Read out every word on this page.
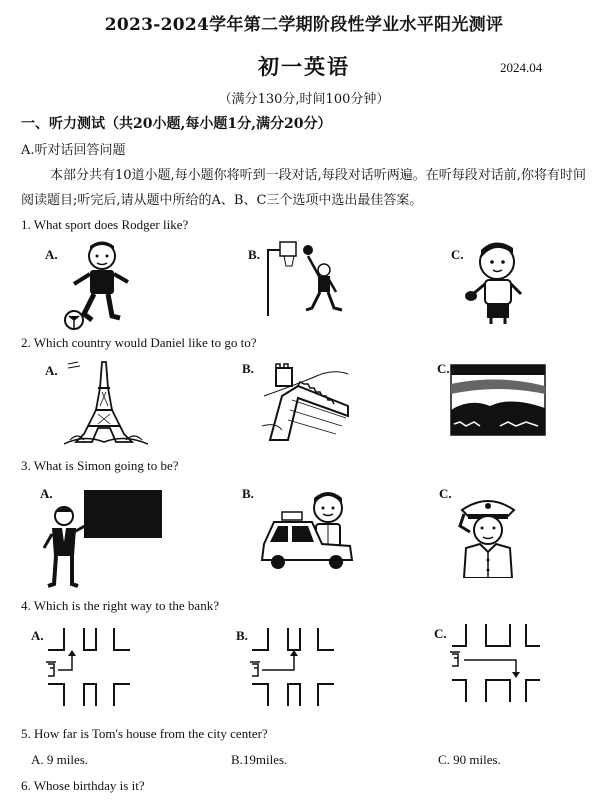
2023-2024学年第二学期阶段性学业水平阳光测评
初一英语	2024.04
（满分130分,时间100分钟）
一、听力测试（共20小题,每小题1分,满分20分）
A.听对话回答问题
本部分共有10道小题,每小题你将听到一段对话,每段对话听两遍。在听每段对话前,你将有时间阅读题目;听完后,请从题中所给的A、B、C三个选项中选出最佳答案。
1. What sport does Rodger like?
A.	B.	C.
2. Which country would Daniel like to go to?
A.	B.	C.
3. What is Simon going to be?
A.	B.	C.
4. Which is the right way to the bank?
A.	B.	C.
5. How far is Tom's house from the city center?
A. 9 miles.	B.19miles.	C. 90 miles.
6. Whose birthday is it?
